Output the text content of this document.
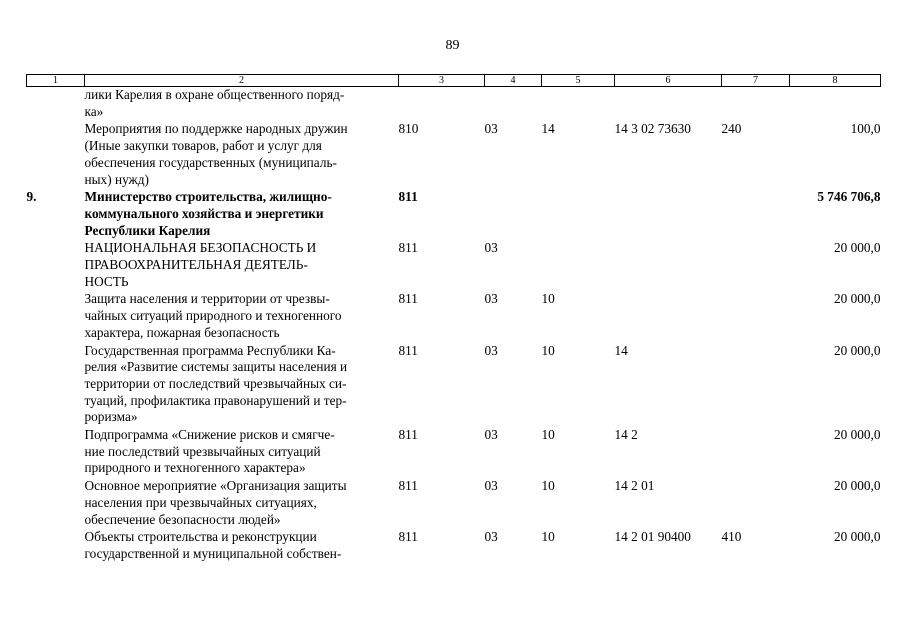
89
1	2	3	4	5	6	7	8
	лики Карелия в охране общественного поряд-
ка»						
	Мероприятия по поддержке народных дружин
(Иные закупки товаров, работ и услуг для
обеспечения государственных (муниципаль-
ных) нужд)	810	03	14	14 3 02 73630	240	100,0
9.	Министерство строительства, жилищно-
коммунального хозяйства и энергетики
Республики Карелия	811					5 746 706,8
	НАЦИОНАЛЬНАЯ БЕЗОПАСНОСТЬ И
ПРАВООХРАНИТЕЛЬНАЯ ДЕЯТЕЛЬ-
НОСТЬ	811	03				20 000,0
	Защита населения и территории от чрезвы-
чайных ситуаций природного и техногенного
характера, пожарная безопасность	811	03	10			20 000,0
	Государственная программа Республики Ка-
релия «Развитие системы защиты населения и
территории от последствий чрезвычайных си-
туаций, профилактика правонарушений и тер-
роризма»	811	03	10	14		20 000,0
	Подпрограмма «Снижение рисков и смягче-
ние последствий чрезвычайных ситуаций
природного и техногенного характера»	811	03	10	14 2		20 000,0
	Основное мероприятие «Организация защиты
населения при чрезвычайных ситуациях,
обеспечение безопасности людей»	811	03	10	14 2 01		20 000,0
	Объекты строительства и реконструкции
государственной и муниципальной собствен-	811	03	10	14 2 01 90400	410	20 000,0
